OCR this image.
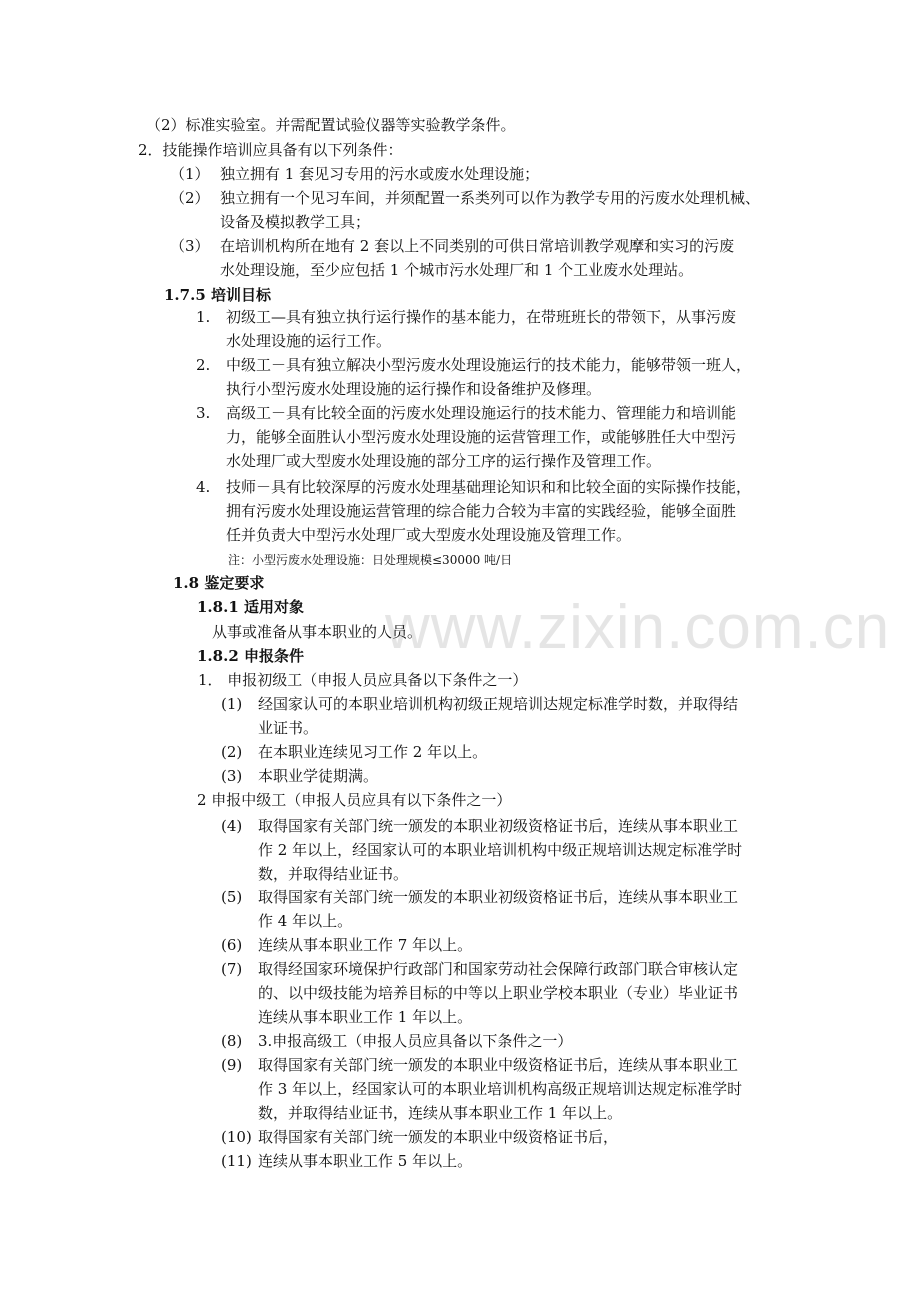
www.zixin.com.cn
（2）标准实验室。并需配置试验仪器等实验教学条件。
2．技能操作培训应具备有以下列条件：
（1） 独立拥有 1 套见习专用的污水或废水处理设施；
（2） 独立拥有一个见习车间，并须配置一系类列可以作为教学专用的污废水处理机械、
设备及模拟教学工具；
（3） 在培训机构所在地有 2 套以上不同类别的可供日常培训教学观摩和实习的污废
水处理设施，至少应包括 1 个城市污水处理厂和 1 个工业废水处理站。
1.7.5 培训目标
1. 初级工—具有独立执行运行操作的基本能力，在带班班长的带领下，从事污废
水处理设施的运行工作。
2. 中级工－具有独立解决小型污废水处理设施运行的技术能力，能够带领一班人，
执行小型污废水处理设施的运行操作和设备维护及修理。
3. 高级工－具有比较全面的污废水处理设施运行的技术能力、管理能力和培训能
力，能够全面胜认小型污废水处理设施的运营管理工作，或能够胜任大中型污
水处理厂或大型废水处理设施的部分工序的运行操作及管理工作。
4. 技师－具有比较深厚的污废水处理基础理论知识和和比较全面的实际操作技能，
拥有污废水处理设施运营管理的综合能力合较为丰富的实践经验，能够全面胜
任并负责大中型污水处理厂或大型废水处理设施及管理工作。
注：小型污废水处理设施：日处理规模≤30000 吨/日
1.8 鉴定要求
1.8.1 适用对象
从事或准备从事本职业的人员。
1.8.2 申报条件
1． 申报初级工（申报人员应具备以下条件之一）
(1) 经国家认可的本职业培训机构初级正规培训达规定标准学时数，并取得结
业证书。
(2) 在本职业连续见习工作 2 年以上。
(3) 本职业学徒期满。
2 申报中级工（申报人员应具有以下条件之一）
(4) 取得国家有关部门统一颁发的本职业初级资格证书后，连续从事本职业工
作 2 年以上，经国家认可的本职业培训机构中级正规培训达规定标准学时
数，并取得结业证书。
(5) 取得国家有关部门统一颁发的本职业初级资格证书后，连续从事本职业工
作 4 年以上。
(6) 连续从事本职业工作 7 年以上。
(7) 取得经国家环境保护行政部门和国家劳动社会保障行政部门联合审核认定
的、以中级技能为培养目标的中等以上职业学校本职业（专业）毕业证书
连续从事本职业工作 1 年以上。
(8) 3.申报高级工（申报人员应具备以下条件之一）
(9) 取得国家有关部门统一颁发的本职业中级资格证书后，连续从事本职业工
作 3 年以上，经国家认可的本职业培训机构高级正规培训达规定标准学时
数，并取得结业证书，连续从事本职业工作 1 年以上。
(10) 取得国家有关部门统一颁发的本职业中级资格证书后，
(11) 连续从事本职业工作 5 年以上。
